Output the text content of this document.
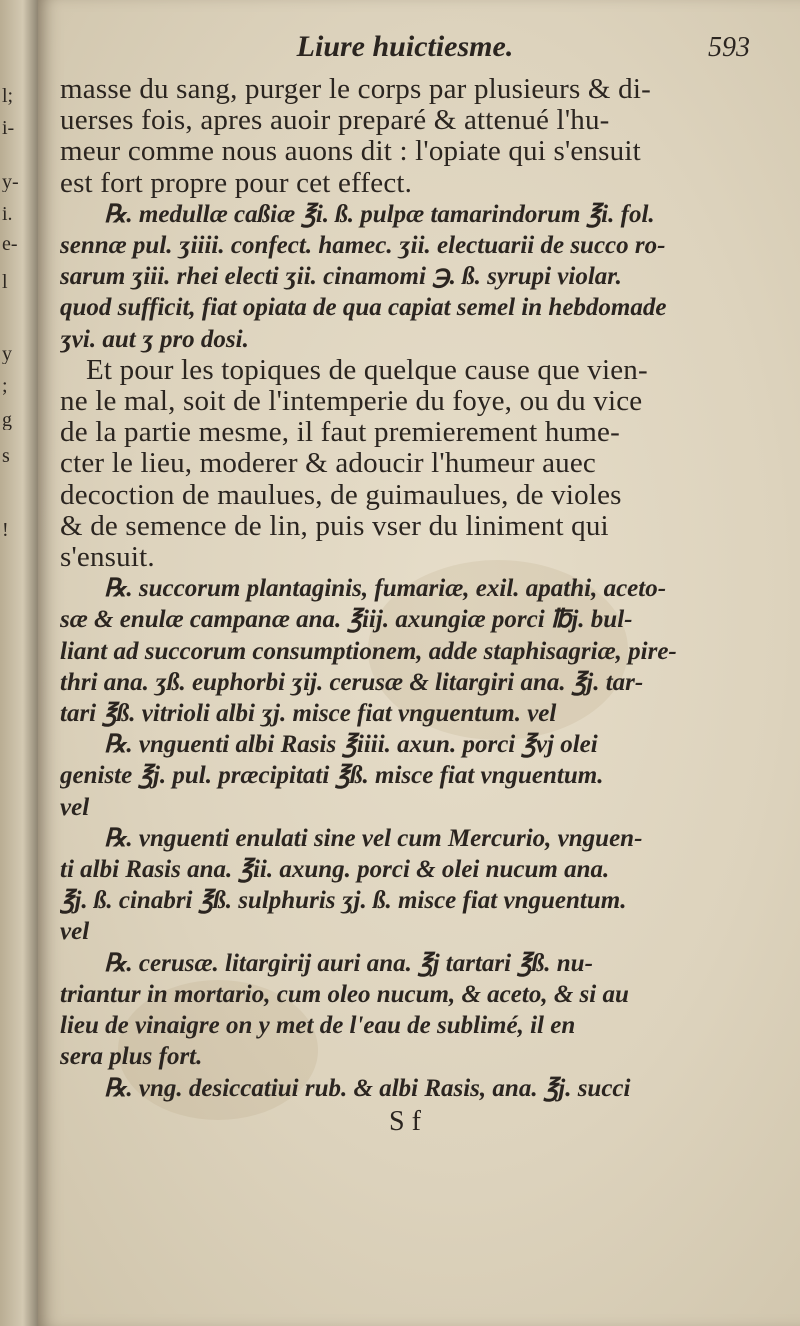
l;
i-
y-
i.
e-
l
y
;
g
s
!
Liure huictiesme.	593
masse du sang, purger le corps par plusieurs & di-
uerses fois, apres auoir preparé & attenué l'hu-
meur comme nous auons dit : l'opiate qui s'ensuit
est fort propre pour cet effect.
℞. medullæ caßiæ ℥i. ß. pulpæ tamarindorum ℥i. fol.
sennæ pul. ʒiiii. confect. hamec. ʒii. electuarii de succo ro-
sarum ʒiii. rhei electi ʒii. cinamomi ℈. ß. syrupi violar.
quod sufficit, fiat opiata de qua capiat semel in hebdomade
ʒvi. aut ʒ pro dosi.
Et pour les topiques de quelque cause que vien-
ne le mal, soit de l'intemperie du foye, ou du vice
de la partie mesme, il faut premierement hume-
cter le lieu, moderer & adoucir l'humeur auec
decoction de maulues, de guimaulues, de violes
& de semence de lin, puis vser du liniment qui
s'ensuit.
℞. succorum plantaginis, fumariæ, exil. apathi, aceto-
sæ & enulæ campanæ ana. ℥iij. axungiæ porci ℔j. bul-
liant ad succorum consumptionem, adde staphisagriæ, pire-
thri ana. ʒß. euphorbi ʒij. cerusæ & litargiri ana. ℥j. tar-
tari ℥ß. vitrioli albi ʒj. misce fiat vnguentum. vel
℞. vnguenti albi Rasis ℥iiii. axun. porci ℥vj olei
geniste ℥j. pul. præcipitati ℥ß. misce fiat vnguentum.
vel
℞. vnguenti enulati sine vel cum Mercurio, vnguen-
ti albi Rasis ana. ℥ii. axung. porci & olei nucum ana.
℥j. ß. cinabri ℥ß. sulphuris ʒj. ß. misce fiat vnguentum.
vel
℞. cerusæ. litargirij auri ana. ℥j tartari ℥ß. nu-
triantur in mortario, cum oleo nucum, & aceto, & si au
lieu de vinaigre on y met de l'eau de sublimé, il en
sera plus fort.
℞. vng. desiccatiui rub. & albi Rasis, ana. ℥j. succi
S f
